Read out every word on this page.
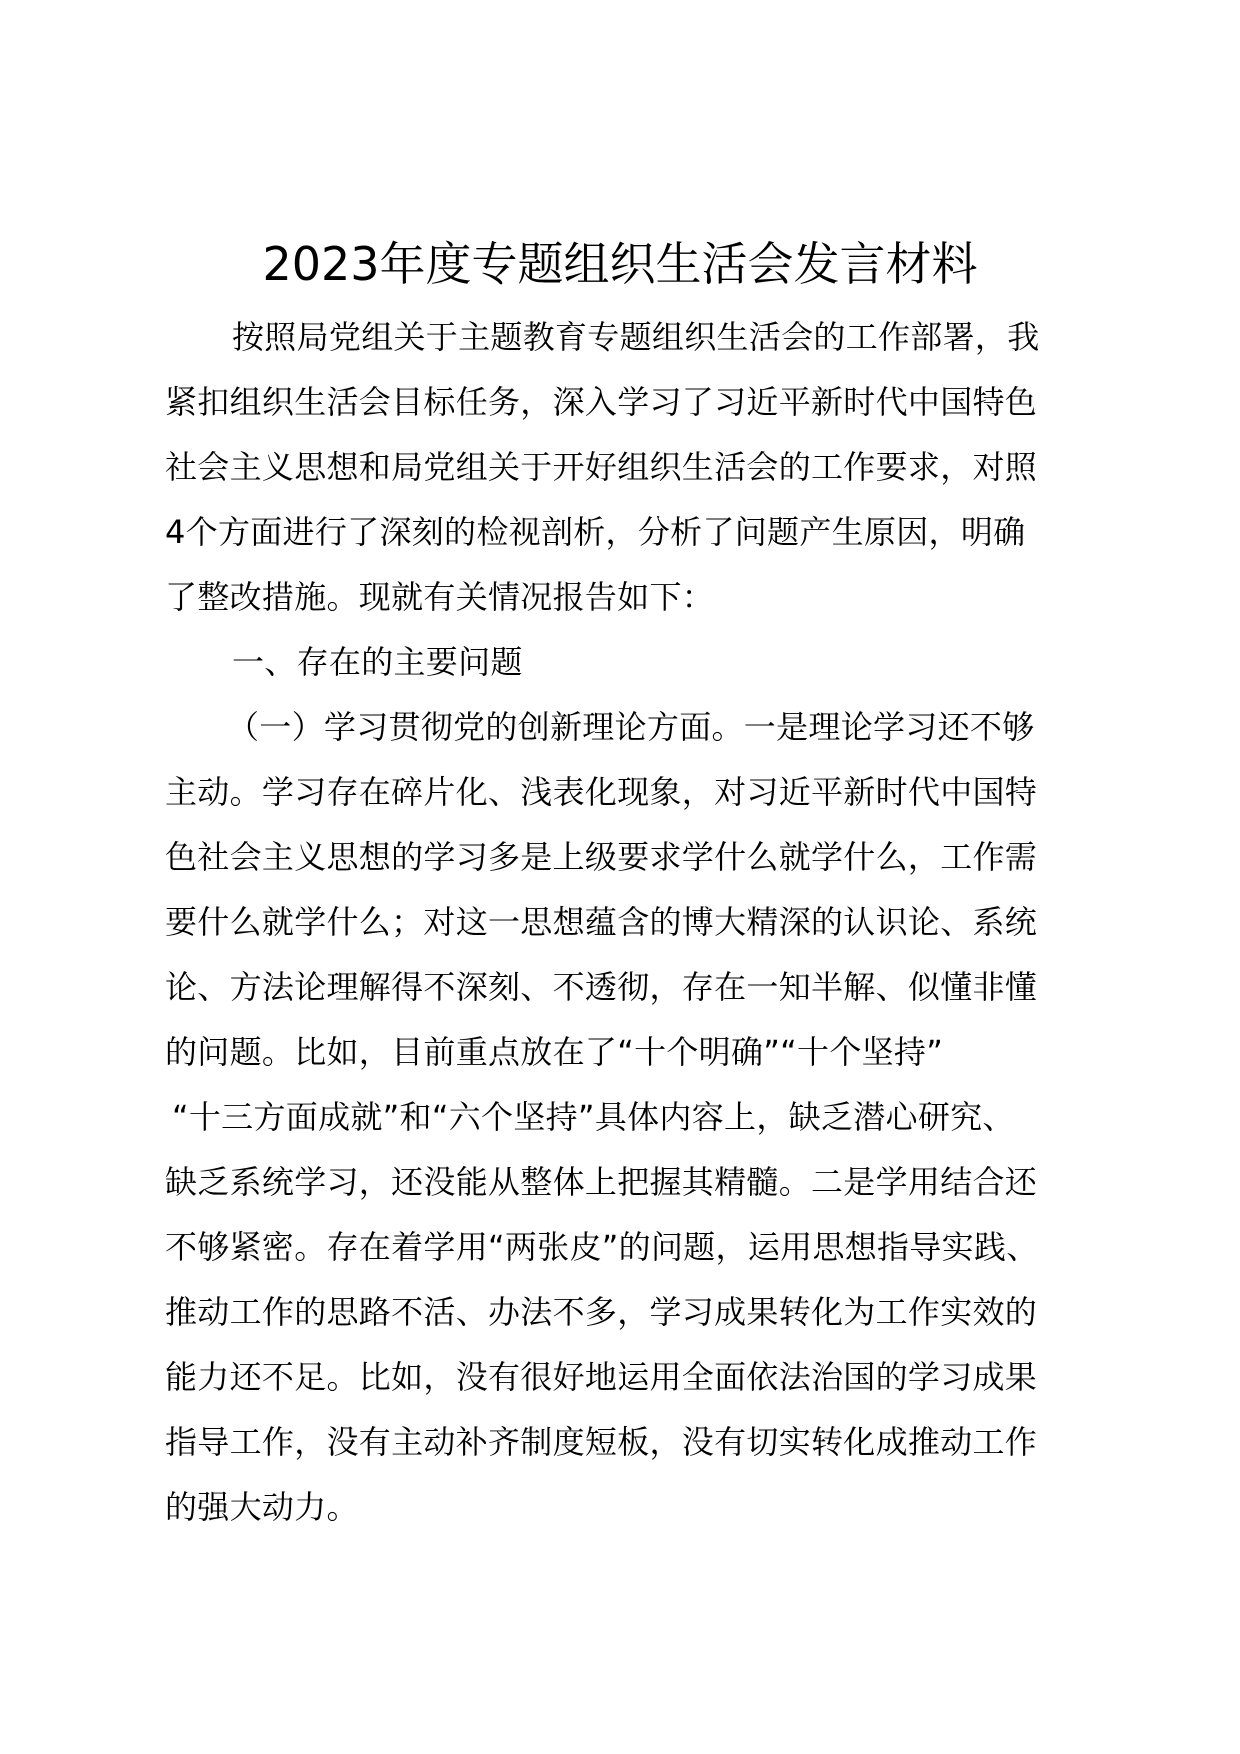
2023年度专题组织生活会发言材料
按照局党组关于主题教育专题组织生活会的工作部署，我
紧扣组织生活会目标任务，深入学习了习近平新时代中国特色
社会主义思想和局党组关于开好组织生活会的工作要求，对照
4个方面进行了深刻的检视剖析，分析了问题产生原因，明确
了整改措施。现就有关情况报告如下：
一、存在的主要问题
（一）学习贯彻党的创新理论方面。一是理论学习还不够
主动。学习存在碎片化、浅表化现象，对习近平新时代中国特
色社会主义思想的学习多是上级要求学什么就学什么，工作需
要什么就学什么；对这一思想蕴含的博大精深的认识论、系统
论、方法论理解得不深刻、不透彻，存在一知半解、似懂非懂
的问题。比如，目前重点放在了“十个明确”“十个坚持”
“十三方面成就”和“六个坚持”具体内容上，缺乏潜心研究、
缺乏系统学习，还没能从整体上把握其精髓。二是学用结合还
不够紧密。存在着学用“两张皮”的问题，运用思想指导实践、
推动工作的思路不活、办法不多，学习成果转化为工作实效的
能力还不足。比如，没有很好地运用全面依法治国的学习成果
指导工作，没有主动补齐制度短板，没有切实转化成推动工作
的强大动力。
